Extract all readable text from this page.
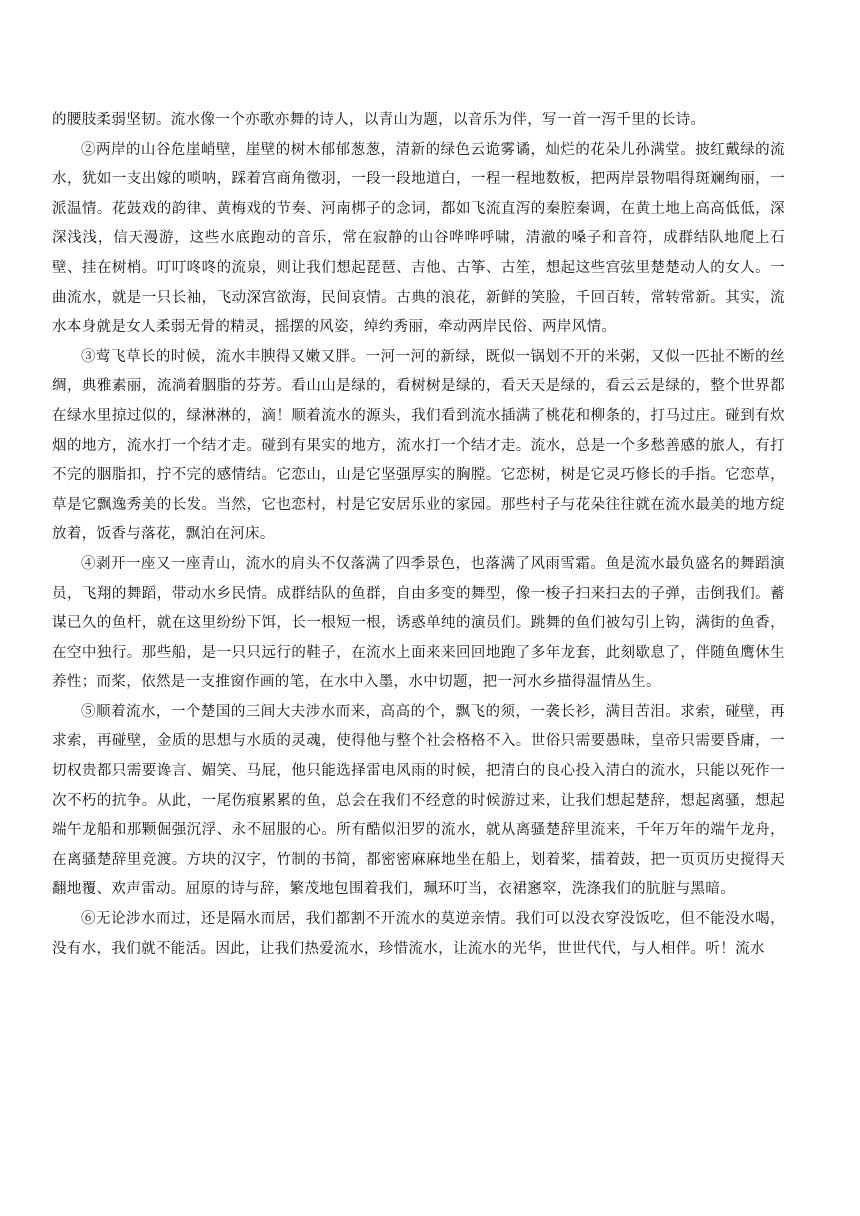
的腰肢柔弱坚韧。流水像一个亦歌亦舞的诗人，以青山为题，以音乐为伴，写一首一泻千里的长诗。

②两岸的山谷危崖峭壁，崖壁的树木郁郁葱葱，清新的绿色云诡雾谲，灿烂的花朵儿孙满堂。披红戴绿的流水，犹如一支出嫁的唢呐，踩着宫商角徵羽，一段一段地道白，一程一程地数板，把两岸景物唱得斑斓绚丽，一派温情。花鼓戏的韵律、黄梅戏的节奏、河南梆子的念词，都如飞流直泻的秦腔秦调，在黄土地上高高低低，深深浅浅，信天漫游，这些水底跑动的音乐，常在寂静的山谷哗哗呼啸，清澈的嗓子和音符，成群结队地爬上石壁、挂在树梢。叮叮咚咚的流泉，则让我们想起琵琶、吉他、古筝、古笙，想起这些宫弦里楚楚动人的女人。一曲流水，就是一只长袖，飞动深宫欲海，民间哀情。古典的浪花，新鲜的笑脸，千回百转，常转常新。其实，流水本身就是女人柔弱无骨的精灵，摇摆的风姿，绰约秀丽，牵动两岸民俗、两岸风情。

③莺飞草长的时候，流水丰腴得又嫩又胖。一河一河的新绿，既似一锅划不开的米粥，又似一匹扯不断的丝绸，典雅素丽，流淌着胭脂的芬芳。看山山是绿的，看树树是绿的，看天天是绿的，看云云是绿的，整个世界都在绿水里掠过似的，绿淋淋的，滴！顺着流水的源头，我们看到流水插满了桃花和柳条的，打马过庄。碰到有炊烟的地方，流水打一个结才走。碰到有果实的地方，流水打一个结才走。流水，总是一个多愁善感的旅人，有打不完的胭脂扣，拧不完的感情结。它恋山，山是它坚强厚实的胸膛。它恋树，树是它灵巧修长的手指。它恋草，草是它飘逸秀美的长发。当然，它也恋村，村是它安居乐业的家园。那些村子与花朵往往就在流水最美的地方绽放着，饭香与落花，飘泊在河床。

④剥开一座又一座青山，流水的肩头不仅落满了四季景色，也落满了风雨雪霜。鱼是流水最负盛名的舞蹈演员，飞翔的舞蹈，带动水乡民情。成群结队的鱼群，自由多变的舞型，像一梭子扫来扫去的子弹，击倒我们。蓄谋已久的鱼杆，就在这里纷纷下饵，长一根短一根，诱惑单纯的演员们。跳舞的鱼们被勾引上钩，满街的鱼香，在空中独行。那些船，是一只只远行的鞋子，在流水上面来来回回地跑了多年龙套，此刻歇息了，伴随鱼鹰休生养性；而桨，依然是一支推窗作画的笔，在水中入墨，水中切题，把一河水乡描得温情丛生。

⑤顺着流水，一个楚国的三闾大夫涉水而来，高高的个，飘飞的须，一袭长衫，满目苦泪。求索，碰壁，再求索，再碰壁，金质的思想与水质的灵魂，使得他与整个社会格格不入。世俗只需要愚昧，皇帝只需要昏庸，一切权贵都只需要谗言、媚笑、马屁，他只能选择雷电风雨的时候，把清白的良心投入清白的流水，只能以死作一次不朽的抗争。从此，一尾伤痕累累的鱼，总会在我们不经意的时候游过来，让我们想起楚辞，想起离骚，想起端午龙船和那颗倔强沉浮、永不屈服的心。所有酷似汨罗的流水，就从离骚楚辞里流来，千年万年的端午龙舟，在离骚楚辞里竞渡。方块的汉字，竹制的书简，都密密麻麻地坐在船上，划着桨，擂着鼓，把一页页历史搅得天翻地覆、欢声雷动。屈原的诗与辞，繁茂地包围着我们，珮环叮当，衣裙窸窣，洗涤我们的肮脏与黑暗。

⑥无论涉水而过，还是隔水而居，我们都割不开流水的莫逆亲情。我们可以没衣穿没饭吃，但不能没水喝，没有水，我们就不能活。因此，让我们热爱流水，珍惜流水，让流水的光华，世世代代，与人相伴。听！流水
